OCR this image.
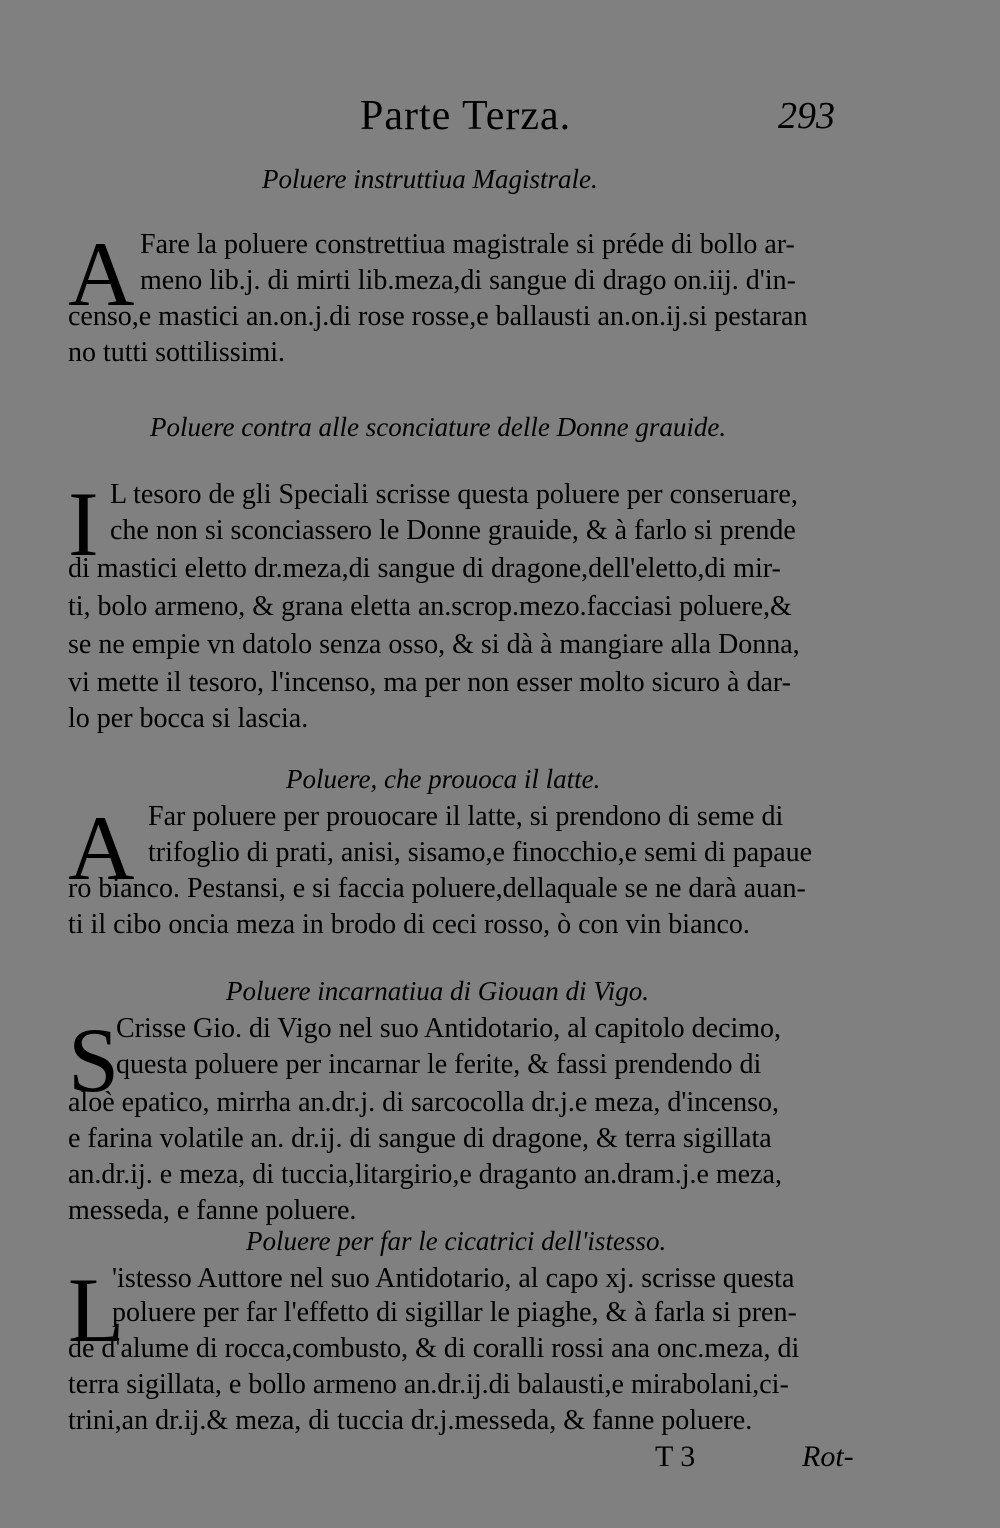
Parte Terza.	293
Poluere instruttiua Magistrale.
A Fare la poluere constrettiua magistrale si préde di bollo ar-
meno lib.j. di mirti lib.meza,di sangue di drago on.iij. d'in-
censo,e mastici an.on.j.di rose rosse,e ballausti an.on.ij.si pestaran
no tutti sottilissimi.
Poluere contra alle sconciature delle Donne grauide.
I L tesoro de gli Speciali scrisse questa poluere per conseruare,
che non si sconciassero le Donne grauide, & à farlo si prende
di mastici eletto dr.meza,di sangue di dragone,dell'eletto,di mir-
ti, bolo armeno, & grana eletta an.scrop.mezo.facciasi poluere,&
se ne empie vn datolo senza osso, & si dà à mangiare alla Donna,
vi mette il tesoro, l'incenso, ma per non esser molto sicuro à dar-
lo per bocca si lascia.
Poluere, che prouoca il latte.
A Far poluere per prouocare il latte, si prendono di seme di
trifoglio di prati, anisi, sisamo,e finocchio,e semi di papaue
ro bianco. Pestansi, e si faccia poluere,dellaquale se ne darà auan-
ti il cibo oncia meza in brodo di ceci rosso, ò con vin bianco.
Poluere incarnatiua di Giouan di Vigo.
S
Crisse Gio. di Vigo nel suo Antidotario, al capitolo decimo,
questa poluere per incarnar le ferite, & fassi prendendo di
aloè epatico, mirrha an.dr.j. di sarcocolla dr.j.e meza, d'incenso,
e farina volatile an. dr.ij. di sangue di dragone, & terra sigillata
an.dr.ij. e meza, di tuccia,litargirio,e draganto an.dram.j.e meza,
messeda, e fanne poluere.
Poluere per far le cicatrici dell'istesso.
L
'istesso Auttore nel suo Antidotario, al capo xj. scrisse questa
poluere per far l'effetto di sigillar le piaghe, & à farla si pren-
de d'alume di rocca,combusto, & di coralli rossi ana onc.meza, di
terra sigillata, e bollo armeno an.dr.ij.di balausti,e mirabolani,ci-
trini,an dr.ij.& meza, di tuccia dr.j.messeda, & fanne poluere.
T 3	Rot-
